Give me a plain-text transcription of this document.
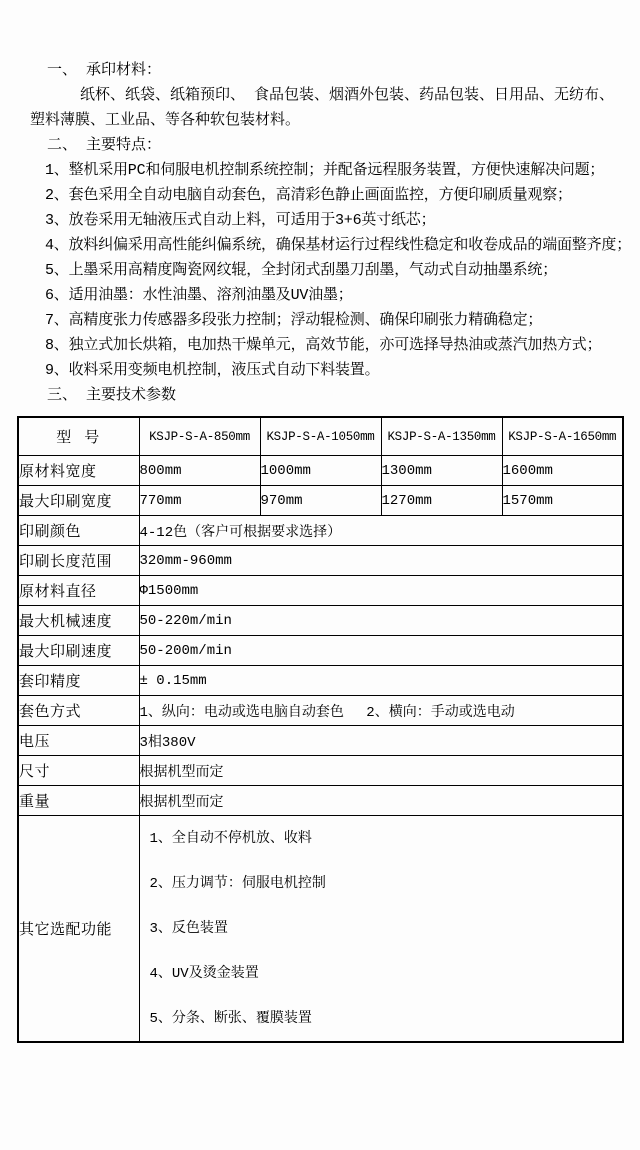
一、 承印材料：

纸杯、纸袋、纸箱预印、 食品包装、烟酒外包装、药品包装、日用品、无纺布、塑料薄膜、工业品、等各种软包装材料。

二、 主要特点：
1、整机采用PC和伺服电机控制系统控制；并配备远程服务装置，方便快速解决问题；
2、套色采用全自动电脑自动套色，高清彩色静止画面监控，方便印刷质量观察；
3、放卷采用无轴液压式自动上料，可适用于3+6英寸纸芯；
4、放料纠偏采用高性能纠偏系统，确保基材运行过程线性稳定和收卷成品的端面整齐度；
5、上墨采用高精度陶瓷网纹辊，全封闭式刮墨刀刮墨，气动式自动抽墨系统；
6、适用油墨：水性油墨、溶剂油墨及UV油墨；
7、高精度张力传感器多段张力控制；浮动辊检测、确保印刷张力精确稳定；
8、独立式加长烘箱，电加热干燥单元，高效节能，亦可选择导热油或蒸汽加热方式；
9、收料采用变频电机控制，液压式自动下料装置。
三、 主要技术参数
型 号	KSJP-S-A-850mm	KSJP-S-A-1050mm	KSJP-S-A-1350mm	KSJP-S-A-1650mm
原材料宽度	800mm	1000mm	1300mm	1600mm
最大印刷宽度	770mm	970mm	1270mm	1570mm
印刷颜色	4-12色（客户可根据要求选择）			
印刷长度范围	320mm-960mm			
原材料直径	Φ1500mm			
最大机械速度	50-220m/min			
最大印刷速度	50-200m/min			
套印精度	± 0.15mm			
套色方式	1、纵向：电动或选电脑自动套色　 2、横向：手动或选电动			
电压	3相380V			
尺寸	根据机型而定			
重量	根据机型而定			
其它选配功能	1、全自动不停机放、收料

2、压力调节：伺服电机控制

3、反色装置

4、UV及烫金装置

5、分条、断张、覆膜装置			
